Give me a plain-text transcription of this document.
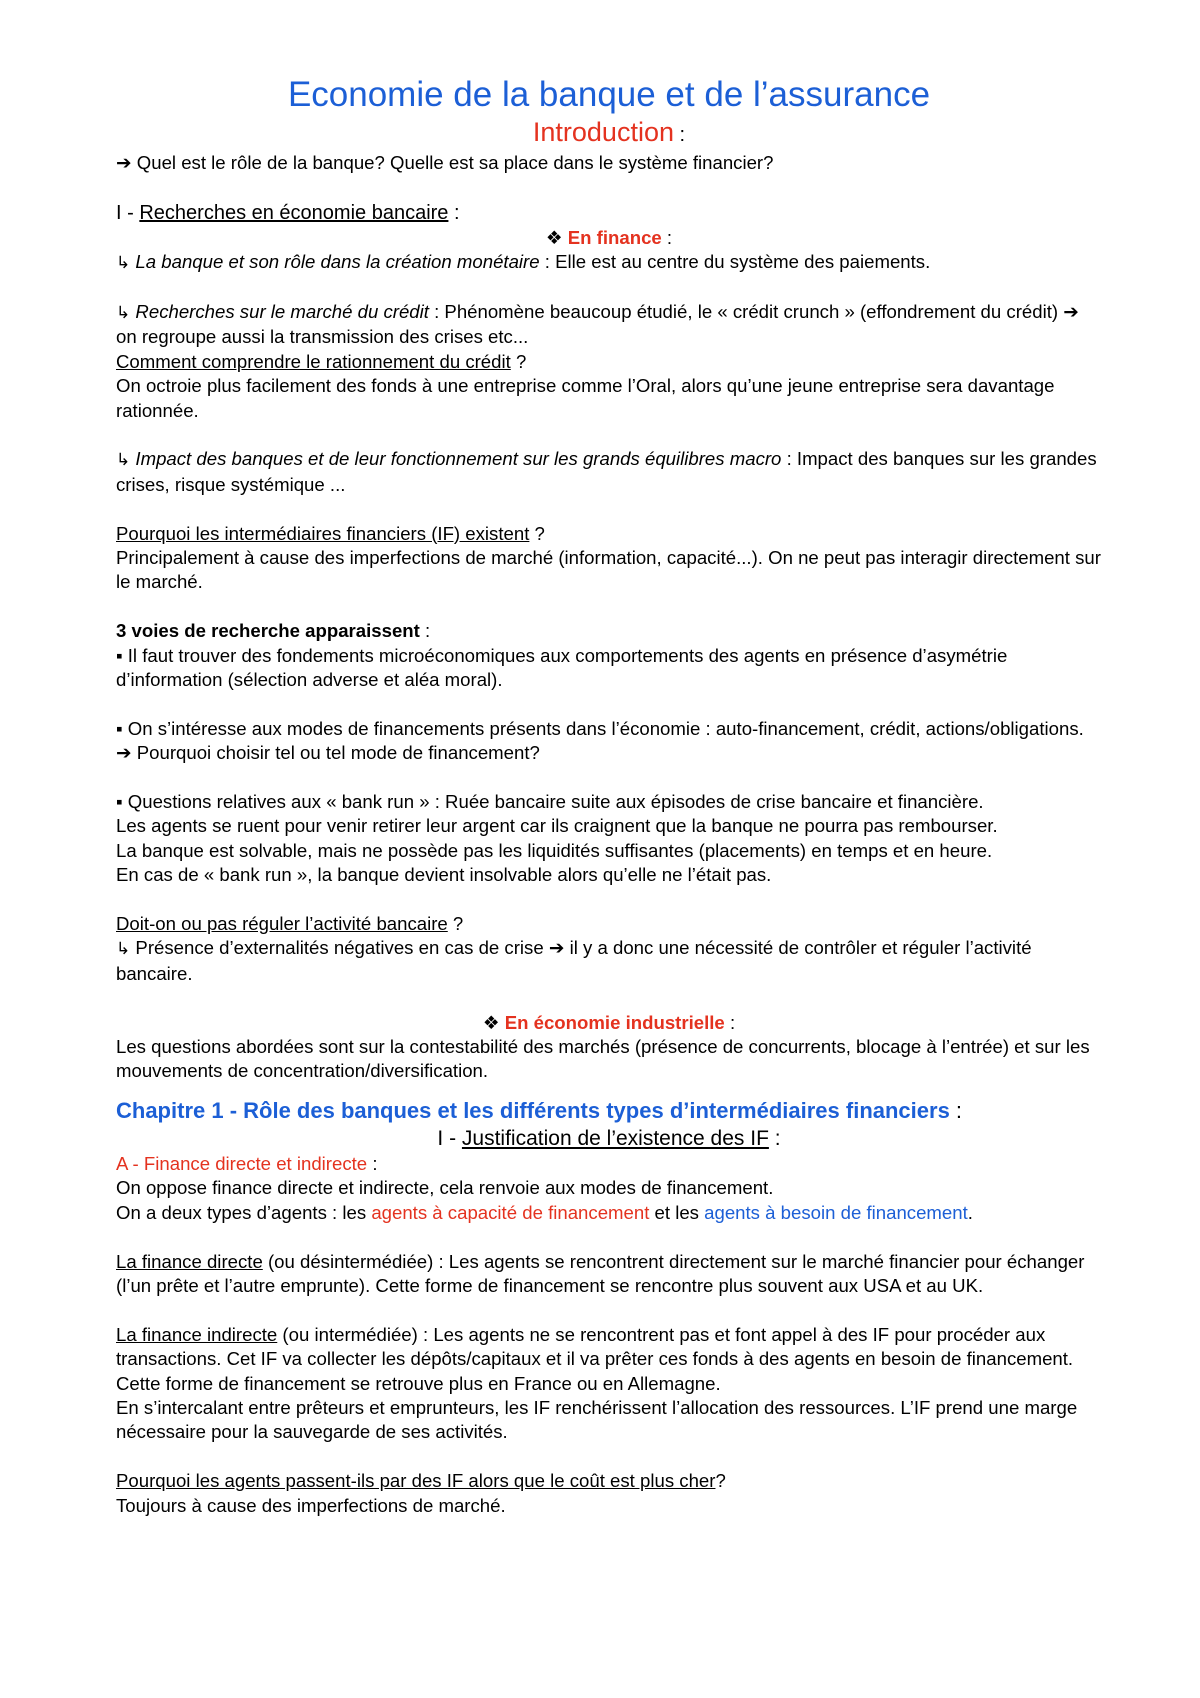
Economie de la banque et de l’assurance
Introduction :

➔ Quel est le rôle de la banque? Quelle est sa place dans le système financier?

I - Recherches en économie bancaire :

❖ En finance :

↳ La banque et son rôle dans la création monétaire : Elle est au centre du système des paiements.

↳ Recherches sur le marché du crédit : Phénomène beaucoup étudié, le « crédit crunch » (effondrement du crédit) ➔ on regroupe aussi la transmission des crises etc...

Comment comprendre le rationnement du crédit ?

On octroie plus facilement des fonds à une entreprise comme l’Oral, alors qu’une jeune entreprise sera davantage rationnée.

↳ Impact des banques et de leur fonctionnement sur les grands équilibres macro : Impact des banques sur les grandes crises, risque systémique ...

Pourquoi les intermédiaires financiers (IF) existent ?

Principalement à cause des imperfections de marché (information, capacité...). On ne peut pas interagir directement sur le marché.

3 voies de recherche apparaissent :

▪ Il faut trouver des fondements microéconomiques aux comportements des agents en présence d’asymétrie d’information (sélection adverse et aléa moral).

▪ On s’intéresse aux modes de financements présents dans l’économie : auto-financement, crédit, actions/obligations. ➔ Pourquoi choisir tel ou tel mode de financement?

▪ Questions relatives aux « bank run » : Ruée bancaire suite aux épisodes de crise bancaire et financière.

Les agents se ruent pour venir retirer leur argent car ils craignent que la banque ne pourra pas rembourser.

La banque est solvable, mais ne possède pas les liquidités suffisantes (placements) en temps et en heure.

En cas de « bank run », la banque devient insolvable alors qu’elle ne l’était pas.

Doit-on ou pas réguler l’activité bancaire ?

↳ Présence d’externalités négatives en cas de crise ➔ il y a donc une nécessité de contrôler et réguler l’activité bancaire.

❖ En économie industrielle :

Les questions abordées sont sur la contestabilité des marchés (présence de concurrents, blocage à l’entrée) et sur les mouvements de concentration/diversification.

Chapitre 1 - Rôle des banques et les différents types d’intermédiaires financiers :

I - Justification de l’existence des IF :

A - Finance directe et indirecte :

On oppose finance directe et indirecte, cela renvoie aux modes de financement.

On a deux types d’agents : les agents à capacité de financement et les agents à besoin de financement.

La finance directe (ou désintermédiée) : Les agents se rencontrent directement sur le marché financier pour échanger (l’un prête et l’autre emprunte). Cette forme de financement se rencontre plus souvent aux USA et au UK.

La finance indirecte (ou intermédiée) : Les agents ne se rencontrent pas et font appel à des IF pour procéder aux transactions. Cet IF va collecter les dépôts/capitaux et il va prêter ces fonds à des agents en besoin de financement. Cette forme de financement se retrouve plus en France ou en Allemagne.

En s’intercalant entre prêteurs et emprunteurs, les IF renchérissent l’allocation des ressources. L’IF prend une marge nécessaire pour la sauvegarde de ses activités.

Pourquoi les agents passent-ils par des IF alors que le coût est plus cher?

Toujours à cause des imperfections de marché.
